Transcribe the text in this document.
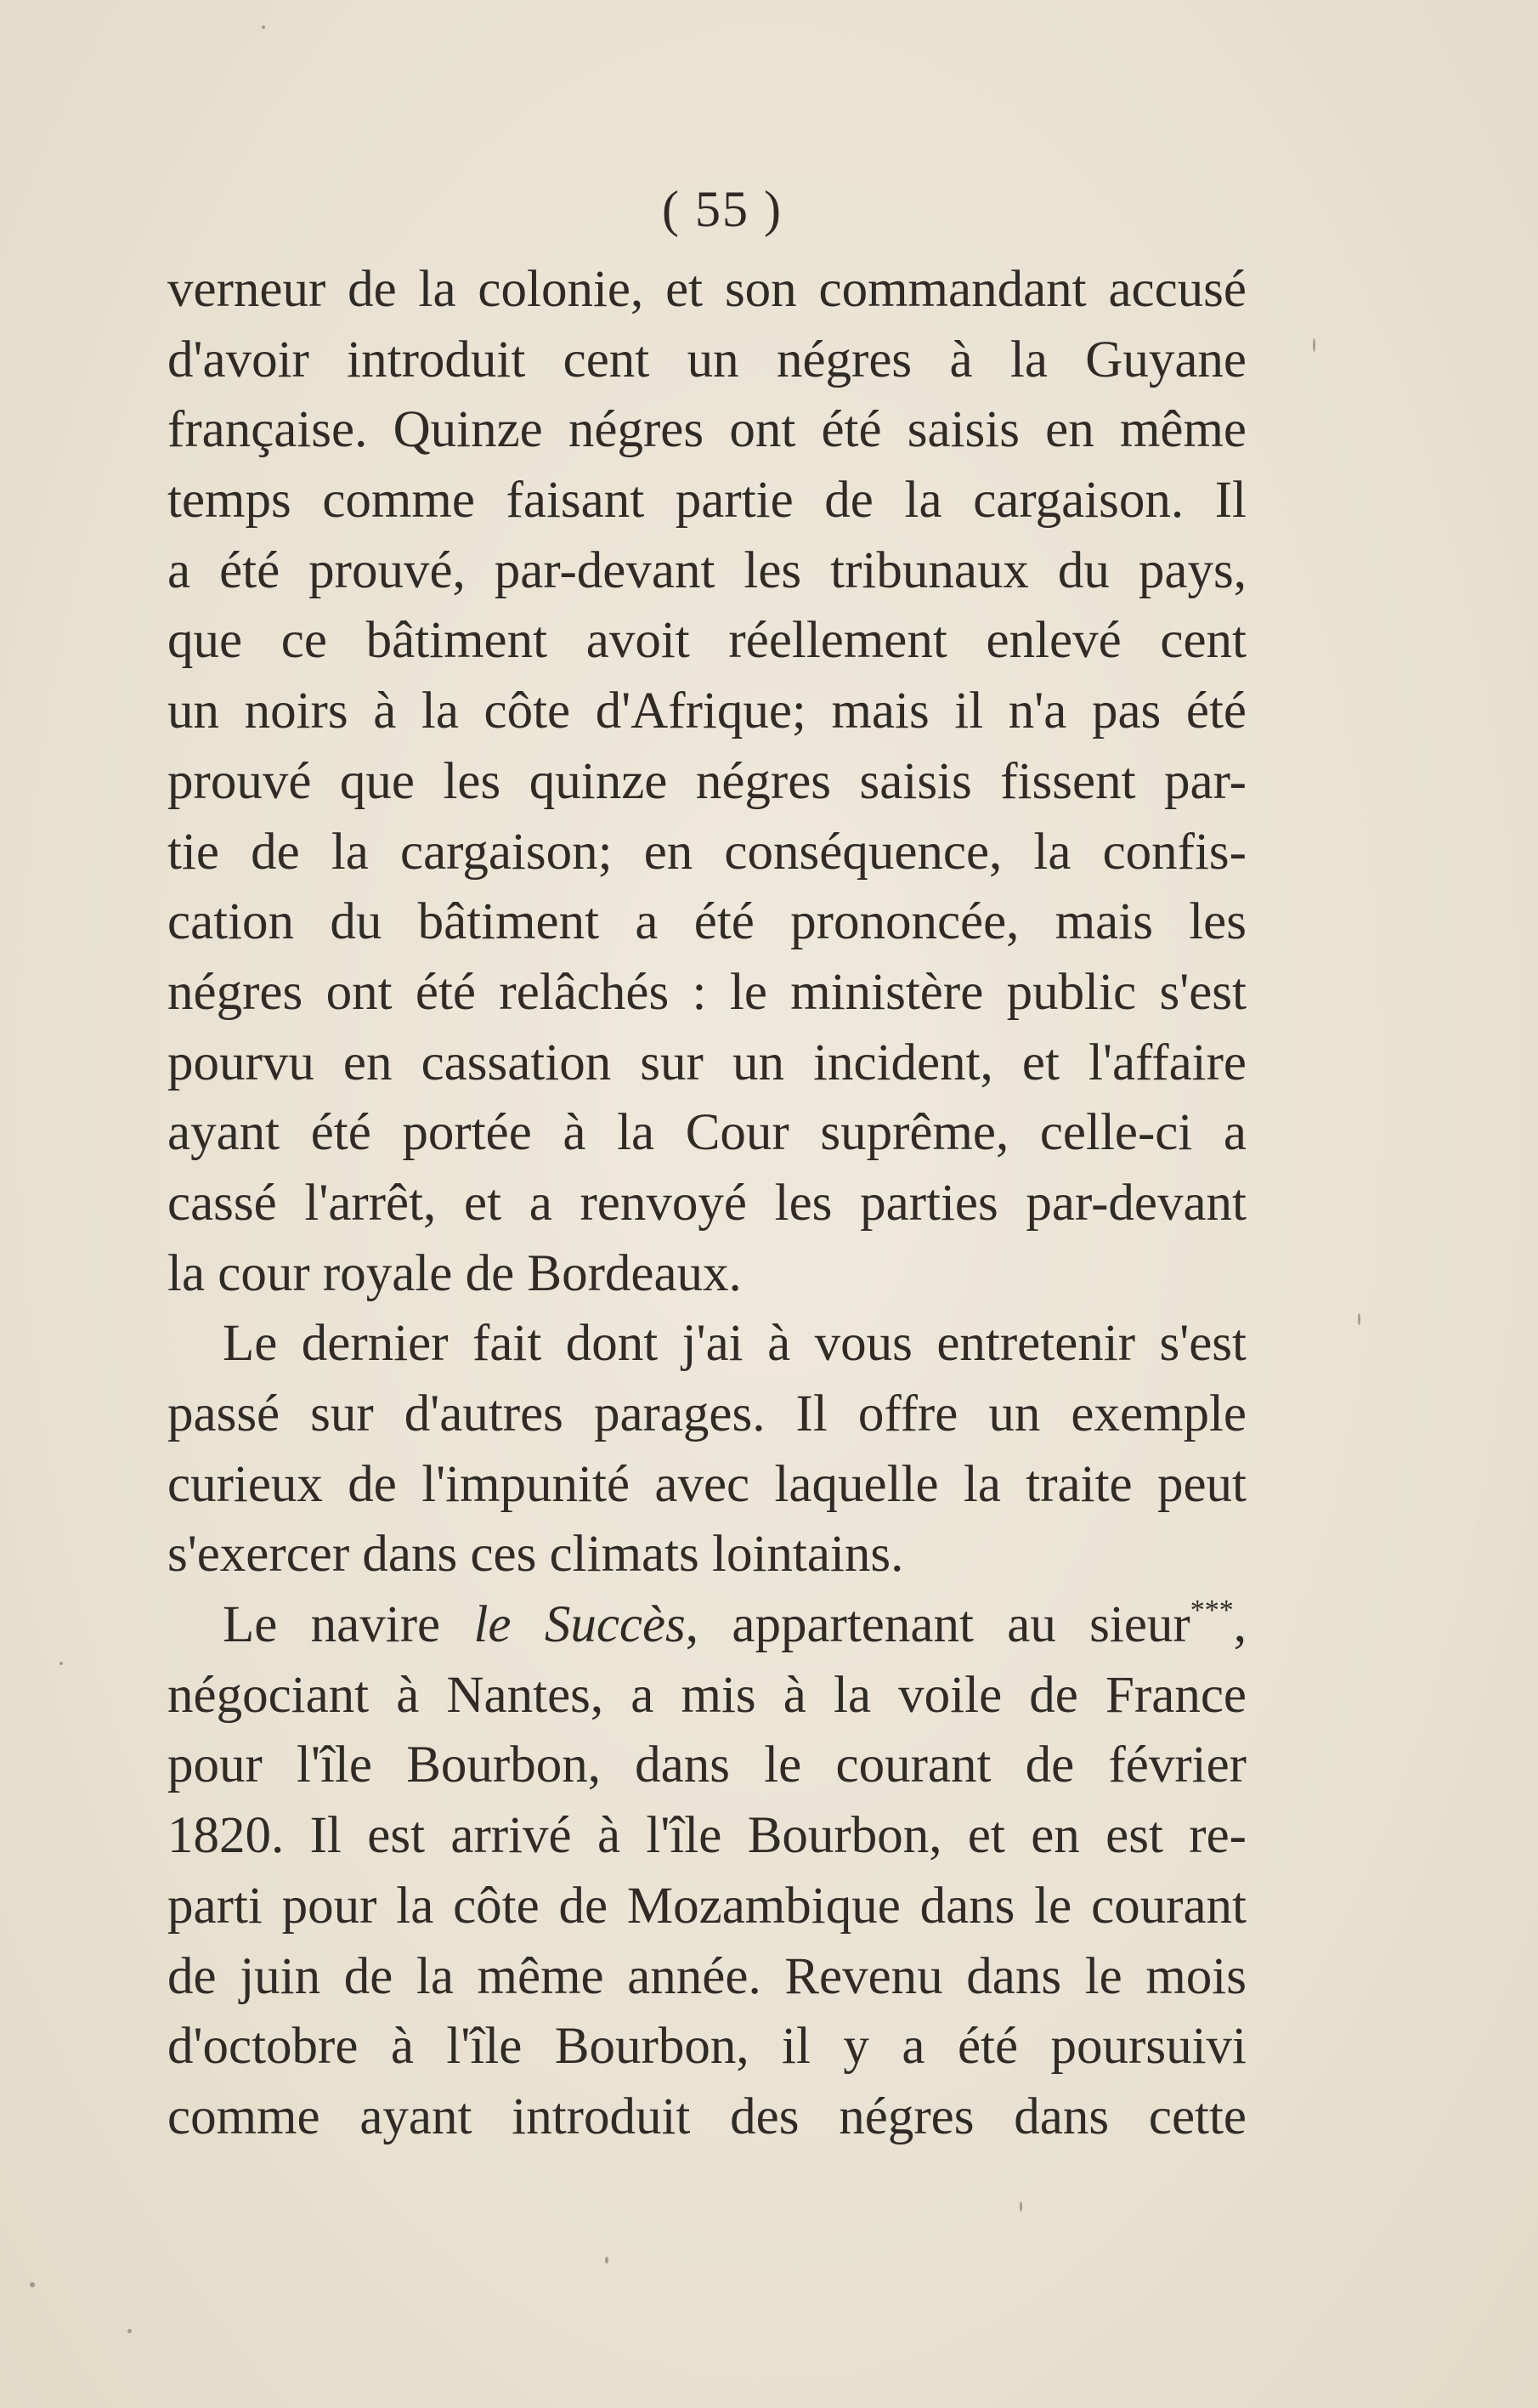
( 55 )
verneur de la colonie, et son commandant accusé
d'avoir introduit cent un négres à la Guyane
française. Quinze négres ont été saisis en même
temps comme faisant partie de la cargaison. Il
a été prouvé, par-devant les tribunaux du pays,
que ce bâtiment avoit réellement enlevé cent
un noirs à la côte d'Afrique; mais il n'a pas été
prouvé que les quinze négres saisis fissent par-
tie de la cargaison; en conséquence, la confis-
cation du bâtiment a été prononcée, mais les
négres ont été relâchés : le ministère public s'est
pourvu en cassation sur un incident, et l'affaire
ayant été portée à la Cour suprême, celle-ci a
cassé l'arrêt, et a renvoyé les parties par-devant
la cour royale de Bordeaux.
Le dernier fait dont j'ai à vous entretenir s'est
passé sur d'autres parages. Il offre un exemple
curieux de l'impunité avec laquelle la traite peut
s'exercer dans ces climats lointains.
Le navire le Succès, appartenant au sieur***,
négociant à Nantes, a mis à la voile de France
pour l'île Bourbon, dans le courant de février
1820. Il est arrivé à l'île Bourbon, et en est re-
parti pour la côte de Mozambique dans le courant
de juin de la même année. Revenu dans le mois
d'octobre à l'île Bourbon, il y a été poursuivi
comme ayant introduit des négres dans cette
